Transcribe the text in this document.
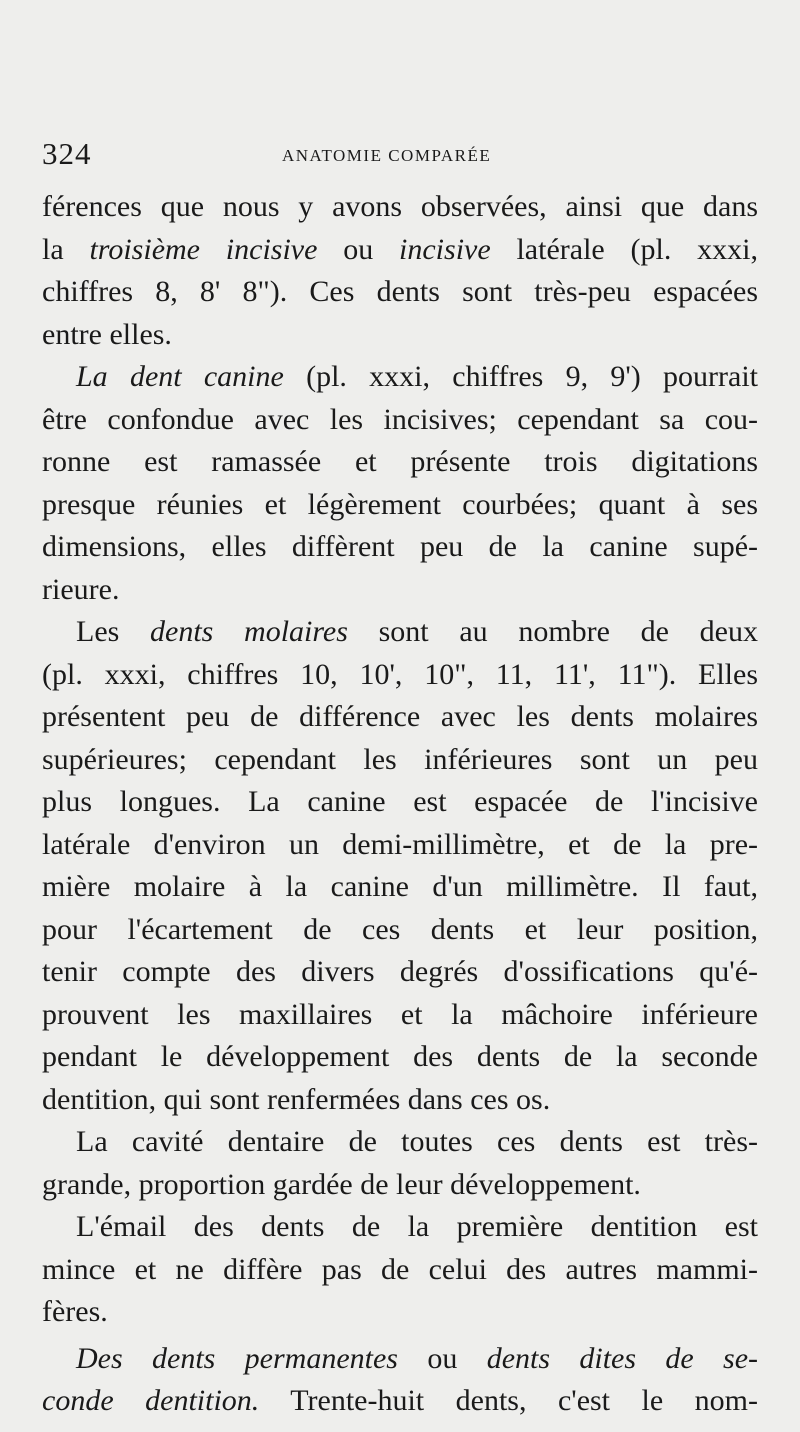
324	ANATOMIE COMPARÉE
férences que nous y avons observées, ainsi que dans
la troisième incisive ou incisive latérale (pl. xxxi,
chiffres 8, 8' 8"). Ces dents sont très-peu espacées
entre elles.
La dent canine (pl. xxxi, chiffres 9, 9') pourrait
être confondue avec les incisives; cependant sa cou-
ronne est ramassée et présente trois digitations
presque réunies et légèrement courbées; quant à ses
dimensions, elles diffèrent peu de la canine supé-
rieure.
Les dents molaires sont au nombre de deux
(pl. xxxi, chiffres 10, 10', 10", 11, 11', 11"). Elles
présentent peu de différence avec les dents molaires
supérieures; cependant les inférieures sont un peu
plus longues. La canine est espacée de l'incisive
latérale d'environ un demi-millimètre, et de la pre-
mière molaire à la canine d'un millimètre. Il faut,
pour l'écartement de ces dents et leur position,
tenir compte des divers degrés d'ossifications qu'é-
prouvent les maxillaires et la mâchoire inférieure
pendant le développement des dents de la seconde
dentition, qui sont renfermées dans ces os.
La cavité dentaire de toutes ces dents est très-
grande, proportion gardée de leur développement.
L'émail des dents de la première dentition est
mince et ne diffère pas de celui des autres mammi-
fères.
Des dents permanentes ou dents dites de se-
conde dentition. Trente-huit dents, c'est le nom-
